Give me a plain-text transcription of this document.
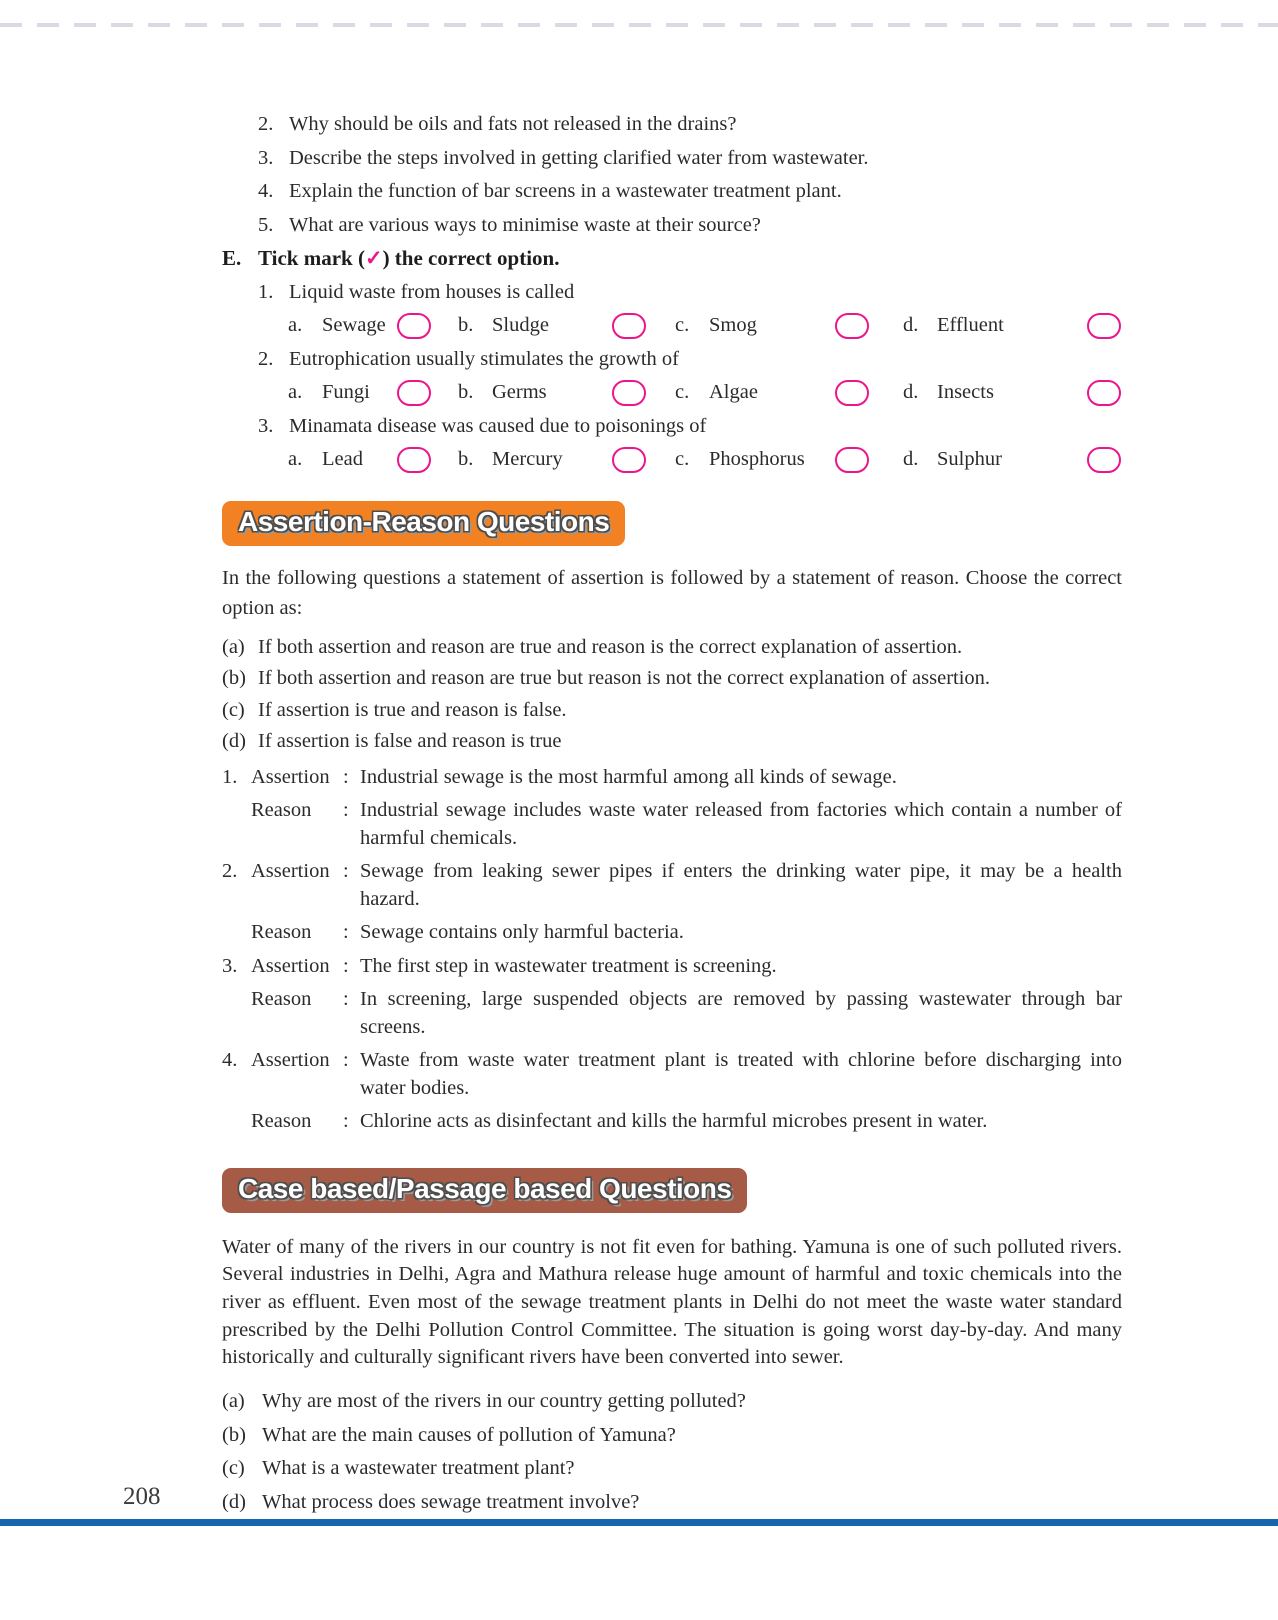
2. Why should be oils and fats not released in the drains?
3. Describe the steps involved in getting clarified water from wastewater.
4. Explain the function of bar screens in a wastewater treatment plant.
5. What are various ways to minimise waste at their source?
E. Tick mark (✓) the correct option.
1. Liquid waste from houses is called
a. Sewage	b. Sludge	c. Smog	d. Effluent
2. Eutrophication usually stimulates the growth of
a. Fungi	b. Germs	c. Algae	d. Insects
3. Minamata disease was caused due to poisonings of
a. Lead	b. Mercury	c. Phosphorus	d. Sulphur
Assertion-Reason Questions

In the following questions a statement of assertion is followed by a statement of reason. Choose the correct option as:

(a) If both assertion and reason are true and reason is the correct explanation of assertion.
(b) If both assertion and reason are true but reason is not the correct explanation of assertion.
(c) If assertion is true and reason is false.
(d) If assertion is false and reason is true
1. Assertion : Industrial sewage is the most harmful among all kinds of sewage.
Reason	: Industrial sewage includes waste water released from factories which contain a number of harmful chemicals.
2. Assertion : Sewage from leaking sewer pipes if enters the drinking water pipe, it may be a health hazard.
Reason	: Sewage contains only harmful bacteria.
3. Assertion : The first step in wastewater treatment is screening.
Reason	: In screening, large suspended objects are removed by passing wastewater through bar screens.
4. Assertion : Waste from waste water treatment plant is treated with chlorine before discharging into water bodies.
Reason	: Chlorine acts as disinfectant and kills the harmful microbes present in water.
Case based/Passage based Questions

Water of many of the rivers in our country is not fit even for bathing. Yamuna is one of such polluted rivers. Several industries in Delhi, Agra and Mathura release huge amount of harmful and toxic chemicals into the river as effluent. Even most of the sewage treatment plants in Delhi do not meet the waste water standard prescribed by the Delhi Pollution Control Committee. The situation is going worst day-by-day. And many historically and culturally significant rivers have been converted into sewer.

(a) Why are most of the rivers in our country getting polluted?
(b) What are the main causes of pollution of Yamuna?
(c) What is a wastewater treatment plant?
(d) What process does sewage treatment involve?
208
